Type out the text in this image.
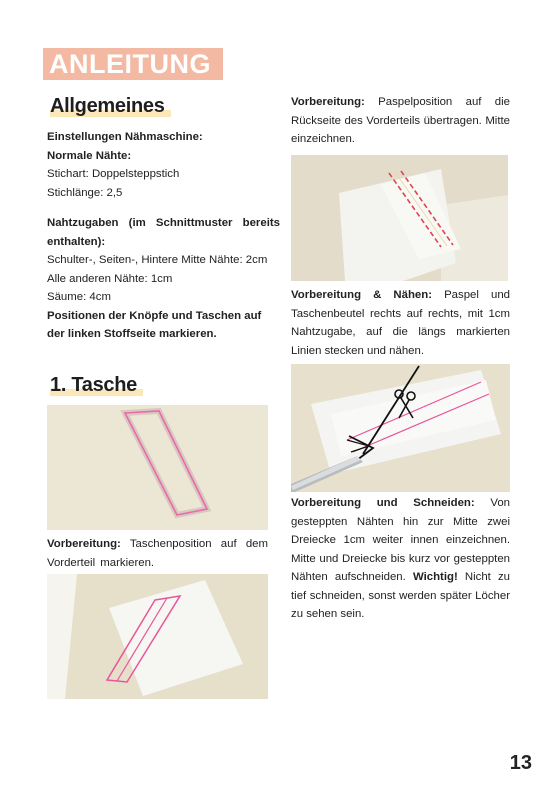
ANLEITUNG
Allgemeines

Einstellungen Nähmaschine:

Normale Nähte:

Stichart: Doppelsteppstich

Stichlänge: 2,5

Nahtzugaben (im Schnittmuster bereits enthalten):

Schulter-, Seiten-, Hintere Mitte Nähte: 2cm

Alle anderen Nähte: 1cm

Säume: 4cm

Positionen der Knöpfe und Taschen auf der linken Stoffseite markieren.

1. Tasche
Vorbereitung: Taschenposition auf dem Vorderteil markieren.
Vorbereitung: Paspelposition auf die Rückseite des Vorderteils übertragen. Mitte einzeichnen.
Vorbereitung & Nähen: Paspel und Taschenbeutel rechts auf rechts, mit 1cm Nahtzugabe, auf die längs markierten Linien stecken und nähen.
Vorbereitung und Schneiden: Von gesteppten Nähten hin zur Mitte zwei Dreiecke 1cm weiter innen einzeichnen. Mitte und Dreiecke bis kurz vor gesteppten Nähten aufschneiden. Wichtig! Nicht zu tief schneiden, sonst werden später Löcher zu sehen sein.
13
